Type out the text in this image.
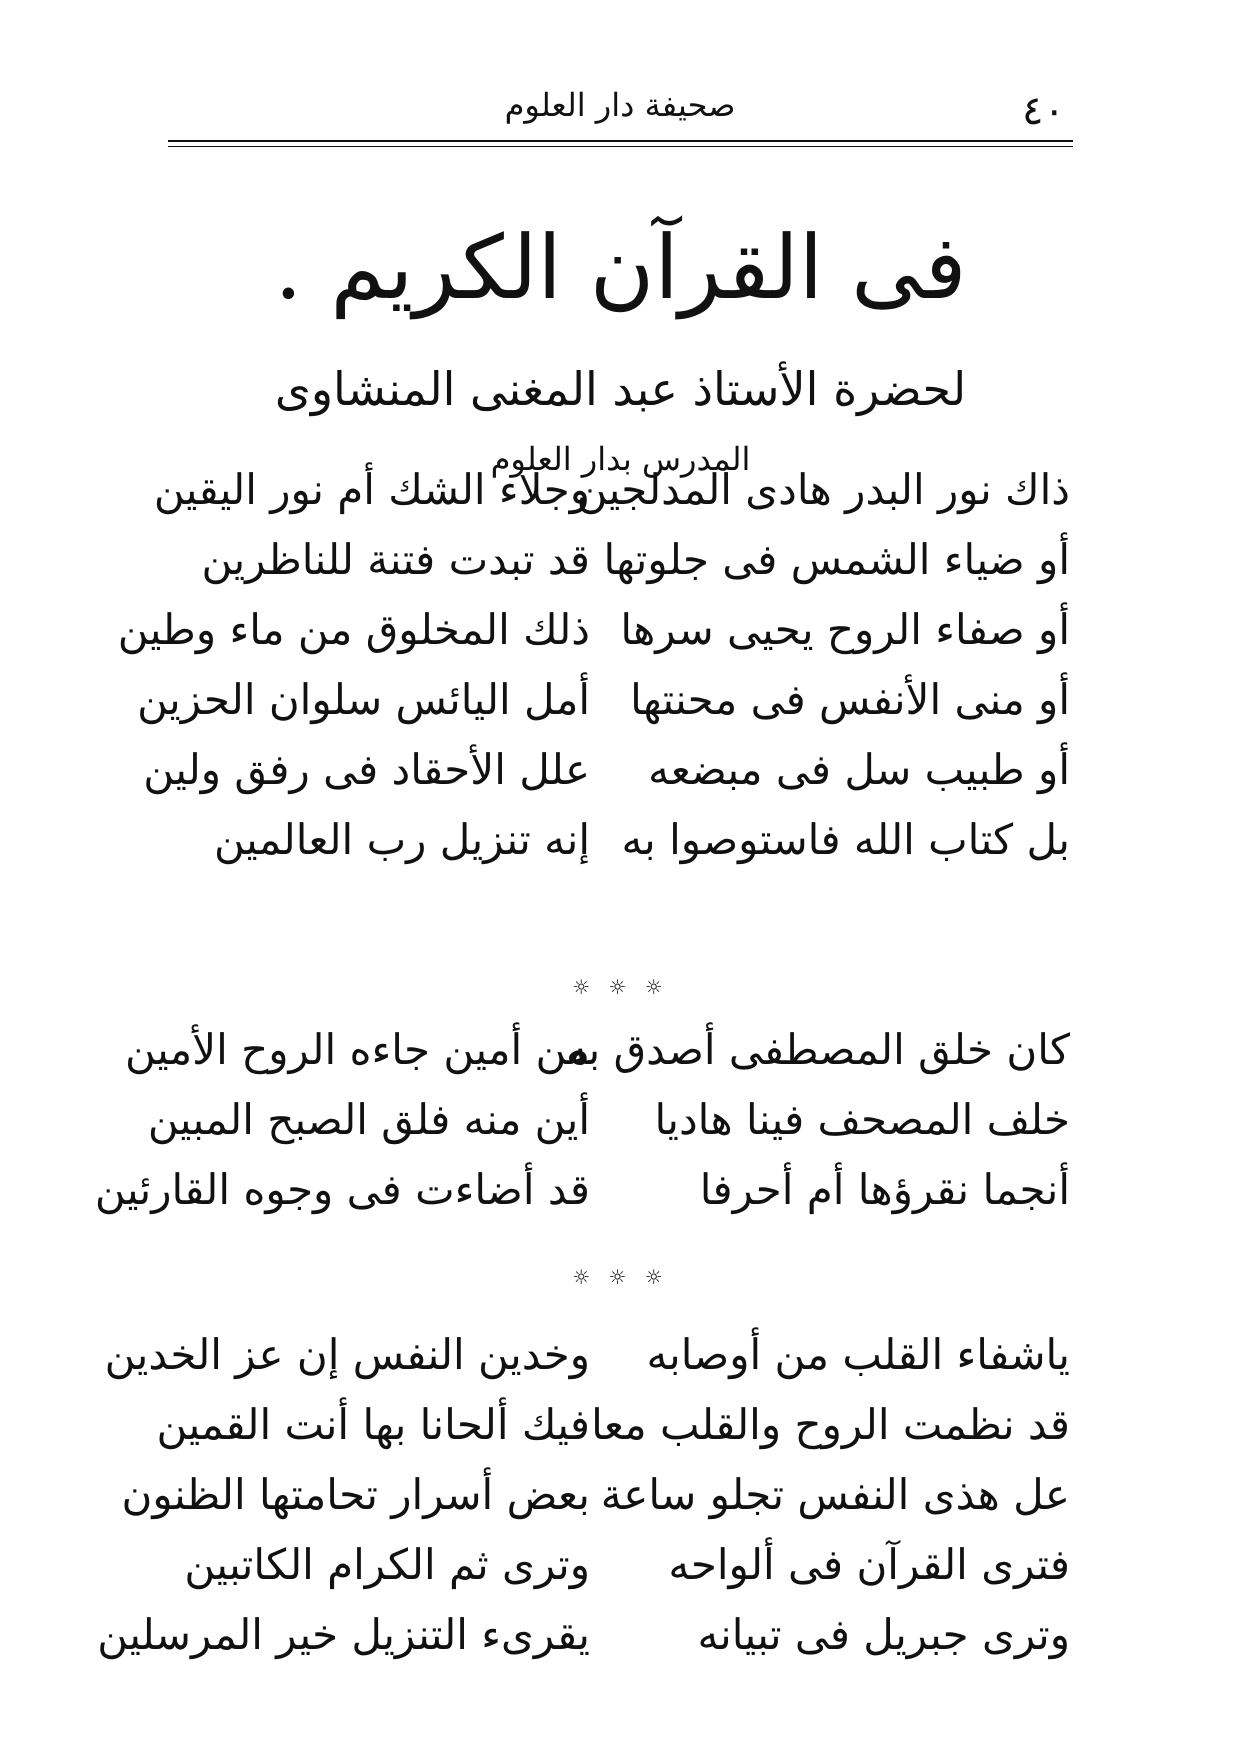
٤٠
صحيفة دار العلوم
فى القرآن الكريم .
لحضرة الأستاذ عبد المغنى المنشاوى
المدرس بدار العلوم
ذاك نور البدر هادى المدلجين
وجلاء الشك أم نور اليقين
أو ضياء الشمس فى جلوتها
قد تبدت فتنة للناظرين
أو صفاء الروح يحيى سرها
ذلك المخلوق من ماء وطين
أو منى الأنفس فى محنتها
أمل اليائس سلوان الحزين
أو طبيب سل فى مبضعه
علل الأحقاد فى رفق ولين
بل كتاب الله فاستوصوا به
إنه تنزيل رب العالمين
☼ ☼ ☼
كان خلق المصطفى أصدق به
من أمين جاءه الروح الأمين
خلف المصحف فينا هاديا
أين منه فلق الصبح المبين
أنجما نقرؤها أم أحرفا
قد أضاءت فى وجوه القارئين
☼ ☼ ☼
ياشفاء القلب من أوصابه
وخدين النفس إن عز الخدين
قد نظمت الروح والقلب معا
فيك ألحانا بها أنت القمين
عل هذى النفس تجلو ساعة
بعض أسرار تحامتها الظنون
فترى القرآن فى ألواحه
وترى ثم الكرام الكاتبين
وترى جبريل فى تبيانه
يقرىء التنزيل خير المرسلين
